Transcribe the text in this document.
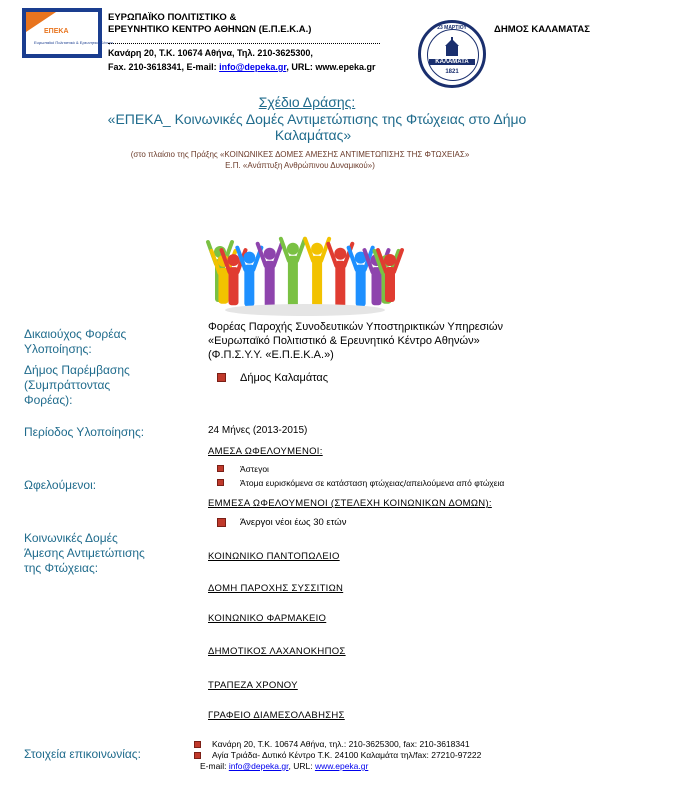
ΕΠΕΚΑ
Ευρωπαϊκό Πολιτιστικό & Ερευνητικό Κέντρο
ΕΥΡΩΠΑΪΚΟ ΠΟΛΙΤΙΣΤΙΚΟ &
ΕΡΕΥΝΗΤΙΚΟ ΚΕΝΤΡΟ ΑΘΗΝΩΝ (Ε.Π.Ε.Κ.Α.)
Κανάρη 20, Τ.Κ. 10674 Αθήνα, Τηλ. 210-3625300,
Fax. 210-3618341, E-mail: info@depeka.gr, URL: www.epeka.gr
23 ΜΑΡΤΙΟΥ
ΚΑΛΑΜΑΤΑ
1821
ΔΗΜΟΣ ΚΑΛΑΜΑΤΑΣ
Σχέδιο Δράσης:
«ΕΠΕΚΑ_ Κοινωνικές Δομές Αντιμετώπισης της Φτώχειας στο Δήμο
Καλαμάτας»
(στο πλαίσιο της Πράξης «ΚΟΙΝΩΝΙΚΕΣ ΔΟΜΕΣ ΑΜΕΣΗΣ ΑΝΤΙΜΕΤΩΠΙΣΗΣ ΤΗΣ ΦΤΩΧΕΙΑΣ»
Ε.Π. «Ανάπτυξη Ανθρώπινου Δυναμικού»)
Δικαιούχος Φορέας Υλοποίησης:
Φορέας Παροχής Συνοδευτικών Υποστηρικτικών Υπηρεσιών
«Ευρωπαϊκό Πολιτιστικό & Ερευνητικό Κέντρο Αθηνών»
(Φ.Π.Σ.Υ.Υ. «Ε.Π.Ε.Κ.Α.»)
Δήμος Παρέμβασης
(Συμπράττοντας
Φορέας):
Δήμος Καλαμάτας
Περίοδος Υλοποίησης:	24 Μήνες (2013-2015)
ΑΜΕΣΑ ΩΦΕΛΟΥΜΕΝΟΙ:
Άστεγοι
Άτομα ευρισκόμενα σε κατάσταση φτώχειας/απειλούμενα από φτώχεια
Ωφελούμενοι:
ΕΜΜΕΣΑ ΩΦΕΛΟΥΜΕΝΟΙ (ΣΤΕΛΕΧΗ ΚΟΙΝΩΝΙΚΩΝ ΔΟΜΩΝ):
Άνεργοι νέοι έως 30 ετών
Κοινωνικές Δομές
Άμεσης Αντιμετώπισης
της Φτώχειας:
ΚΟΙΝΩΝΙΚΟ ΠΑΝΤΟΠΩΛΕΙΟ
ΔΟΜΗ ΠΑΡΟΧΗΣ ΣΥΣΣΙΤΙΩΝ
ΚΟΙΝΩΝΙΚΟ ΦΑΡΜΑΚΕΙΟ
ΔΗΜΟΤΙΚΟΣ ΛΑΧΑΝΟΚΗΠΟΣ
ΤΡΑΠΕΖΑ ΧΡΟΝΟΥ
ΓΡΑΦΕΙΟ ΔΙΑΜΕΣΟΛΑΒΗΣΗΣ
Στοιχεία επικοινωνίας:
Κανάρη 20, Τ.Κ. 10674 Αθήνα, τηλ.: 210-3625300, fax: 210-3618341
Αγία Τριάδα- Δυτικό Κέντρο Τ.Κ. 24100 Καλαμάτα τηλ/fax: 27210-97222
E-mail: info@depeka.gr, URL: www.epeka.gr
